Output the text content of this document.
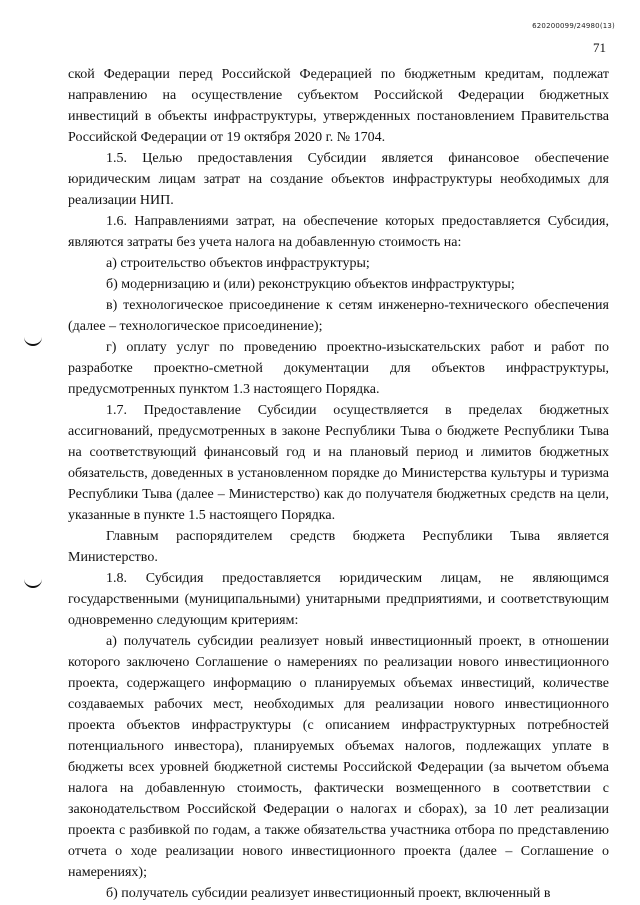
620200099/24980(13)
71

ской Федерации перед Российской Федерацией по бюджетным кредитам, подлежат направлению на осуществление субъектом Российской Федерации бюджетных инвестиций в объекты инфраструктуры, утвержденных постановлением Правительства Российской Федерации от 19 октября 2020 г. № 1704.

1.5. Целью предоставления Субсидии является финансовое обеспечение юридическим лицам затрат на создание объектов инфраструктуры необходимых для реализации НИП.

1.6. Направлениями затрат, на обеспечение которых предоставляется Субсидия, являются затраты без учета налога на добавленную стоимость на:

а) строительство объектов инфраструктуры;

б) модернизацию и (или) реконструкцию объектов инфраструктуры;

в) технологическое присоединение к сетям инженерно-технического обеспечения (далее – технологическое присоединение);

г) оплату услуг по проведению проектно-изыскательских работ и работ по разработке проектно-сметной документации для объектов инфраструктуры, предусмотренных пунктом 1.3 настоящего Порядка.

1.7. Предоставление Субсидии осуществляется в пределах бюджетных ассигнований, предусмотренных в законе Республики Тыва о бюджете Республики Тыва на соответствующий финансовый год и на плановый период и лимитов бюджетных обязательств, доведенных в установленном порядке до Министерства культуры и туризма Республики Тыва (далее – Министерство) как до получателя бюджетных средств на цели, указанные в пункте 1.5 настоящего Порядка.

Главным распорядителем средств бюджета Республики Тыва является Министерство.

1.8. Субсидия предоставляется юридическим лицам, не являющимся государственными (муниципальными) унитарными предприятиями, и соответствующим одновременно следующим критериям:

а) получатель субсидии реализует новый инвестиционный проект, в отношении которого заключено Соглашение о намерениях по реализации нового инвестиционного проекта, содержащего информацию о планируемых объемах инвестиций, количестве создаваемых рабочих мест, необходимых для реализации нового инвестиционного проекта объектов инфраструктуры (с описанием инфраструктурных потребностей потенциального инвестора), планируемых объемах налогов, подлежащих уплате в бюджеты всех уровней бюджетной системы Российской Федерации (за вычетом объема налога на добавленную стоимость, фактически возмещенного в соответствии с законодательством Российской Федерации о налогах и сборах), за 10 лет реализации проекта с разбивкой по годам, а также обязательства участника отбора по представлению отчета о ходе реализации нового инвестиционного проекта (далее – Соглашение о намерениях);

б) получатель субсидии реализует инвестиционный проект, включенный в
